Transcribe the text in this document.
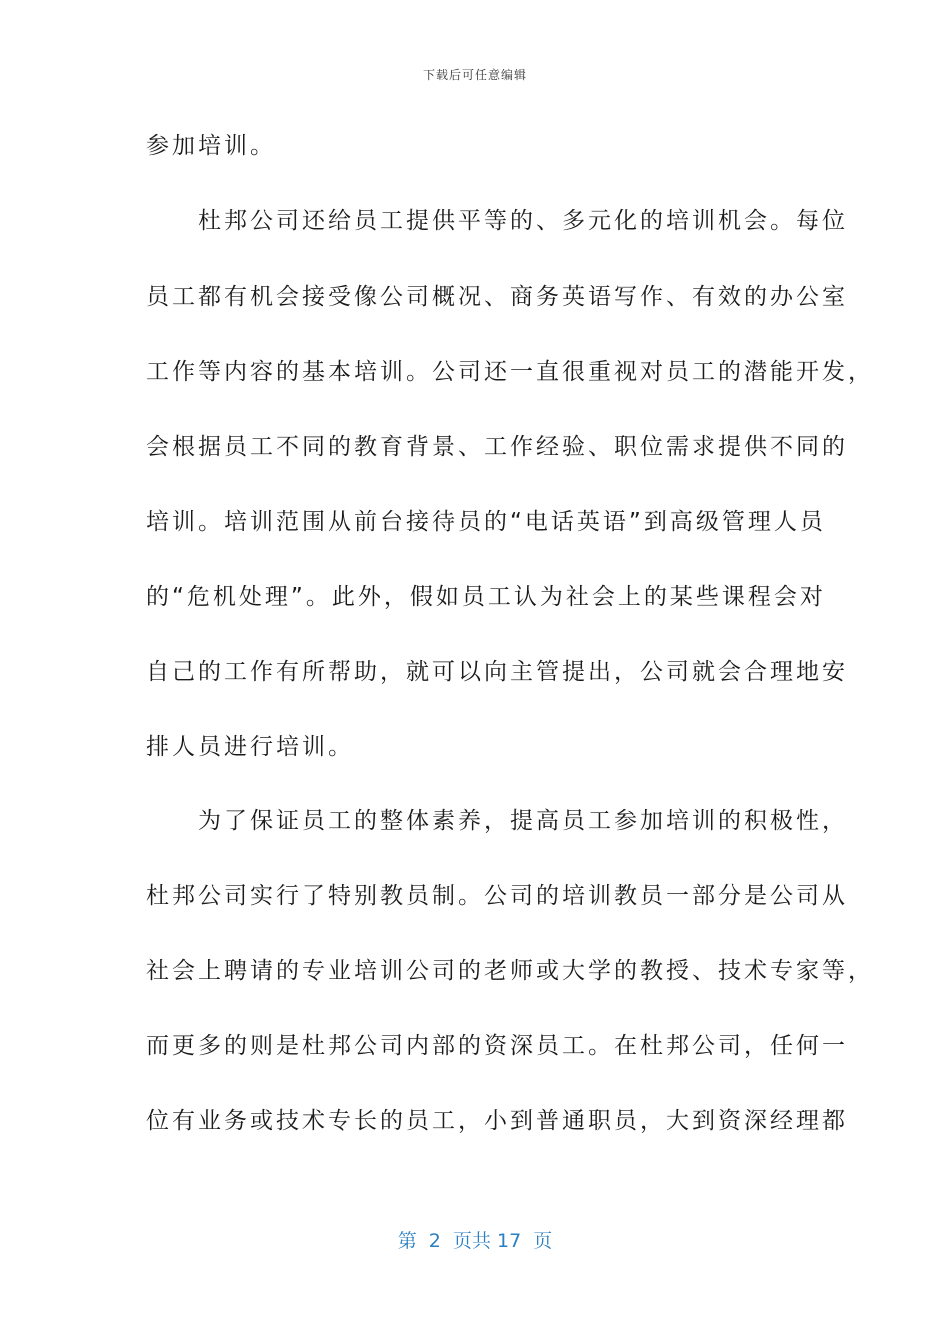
下载后可任意编辑
参加培训。
　　杜邦公司还给员工提供平等的、多元化的培训机会。每位
员工都有机会接受像公司概况、商务英语写作、有效的办公室
工作等内容的基本培训。公司还一直很重视对员工的潜能开发，
会根据员工不同的教育背景、工作经验、职位需求提供不同的
培训。培训范围从前台接待员的“电话英语”到高级管理人员
的“危机处理”。此外，假如员工认为社会上的某些课程会对
自己的工作有所帮助，就可以向主管提出，公司就会合理地安
排人员进行培训。
　　为了保证员工的整体素养，提高员工参加培训的积极性，
杜邦公司实行了特别教员制。公司的培训教员一部分是公司从
社会上聘请的专业培训公司的老师或大学的教授、技术专家等，
而更多的则是杜邦公司内部的资深员工。在杜邦公司，任何一
位有业务或技术专长的员工，小到普通职员，大到资深经理都
第  2  页共 17  页
